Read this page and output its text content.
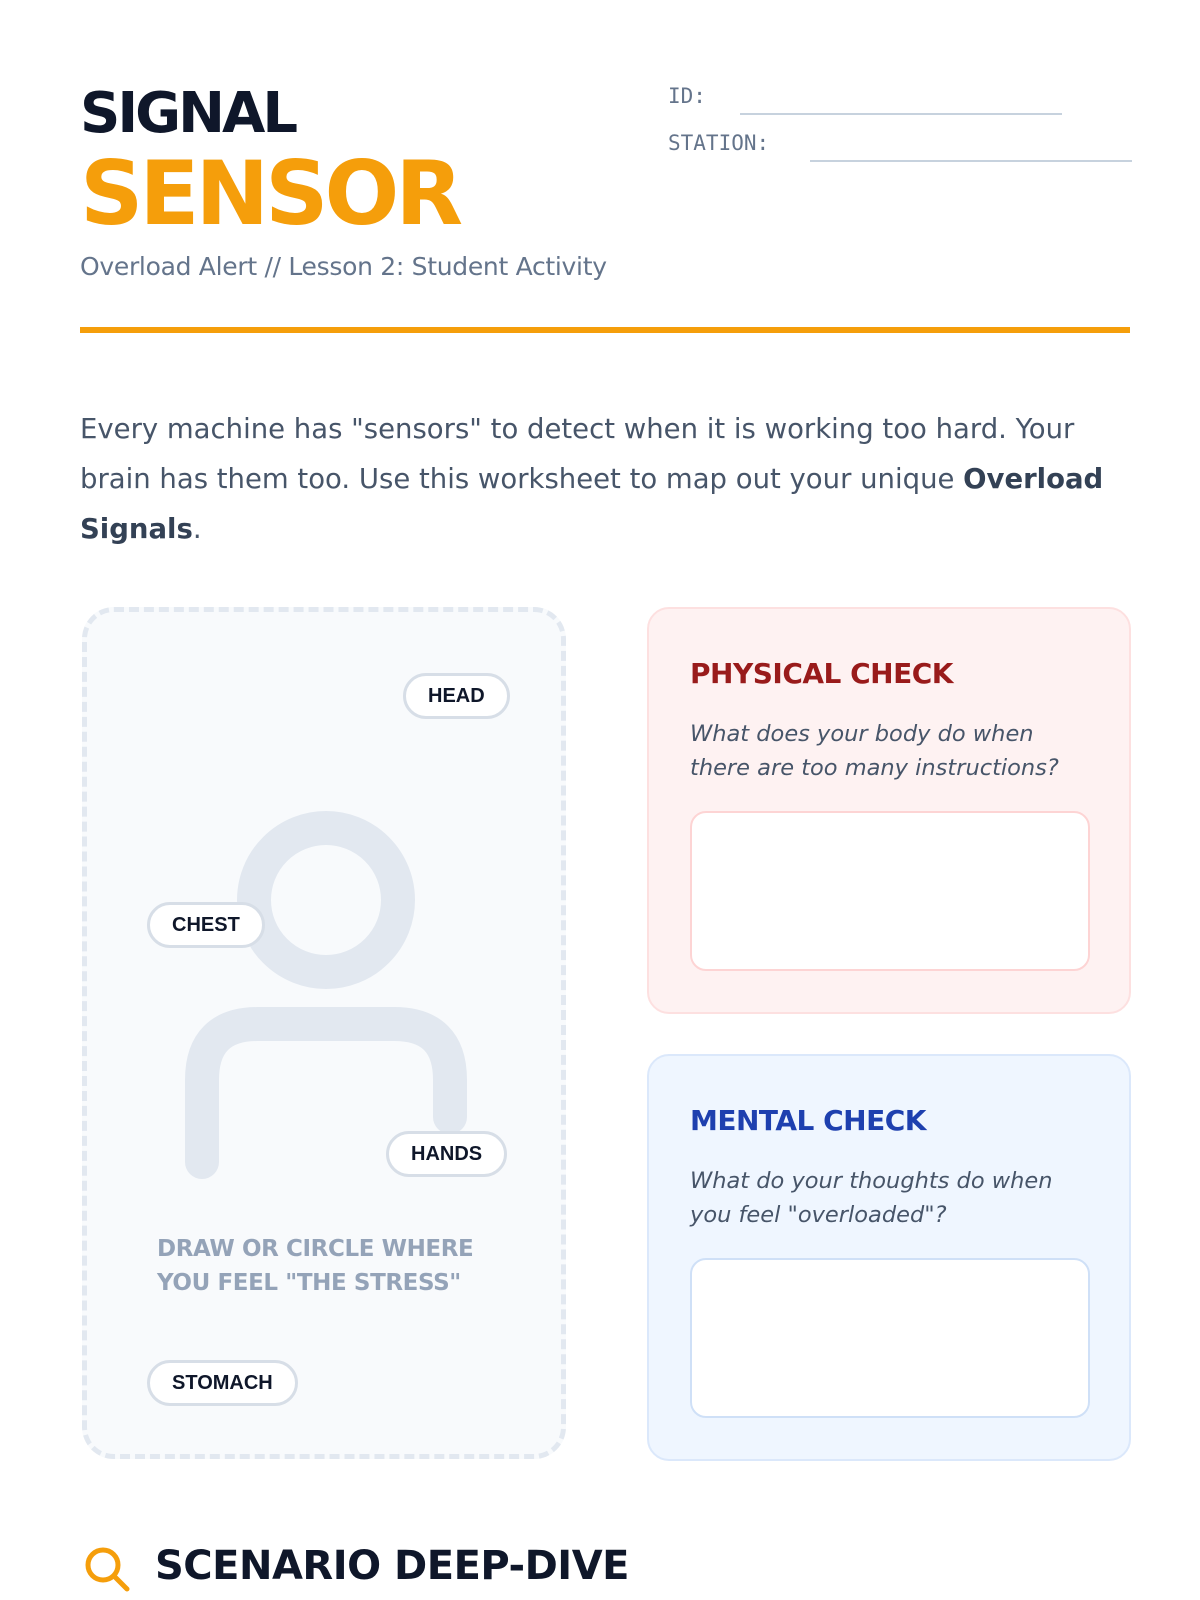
SIGNAL
SENSOR
Overload Alert // Lesson 2: Student Activity
ID:
STATION:

Every machine has "sensors" to detect when it is working too hard. Your brain has them too. Use this worksheet to map out your unique Overload Signals.

HEAD
CHEST
HANDS
DRAW OR CIRCLE WHERE YOU FEEL "THE STRESS"
STOMACH
PHYSICAL CHECK
What does your body do when there are too many instructions?
MENTAL CHECK
What do your thoughts do when you feel "overloaded"?
SCENARIO DEEP-DIVE
